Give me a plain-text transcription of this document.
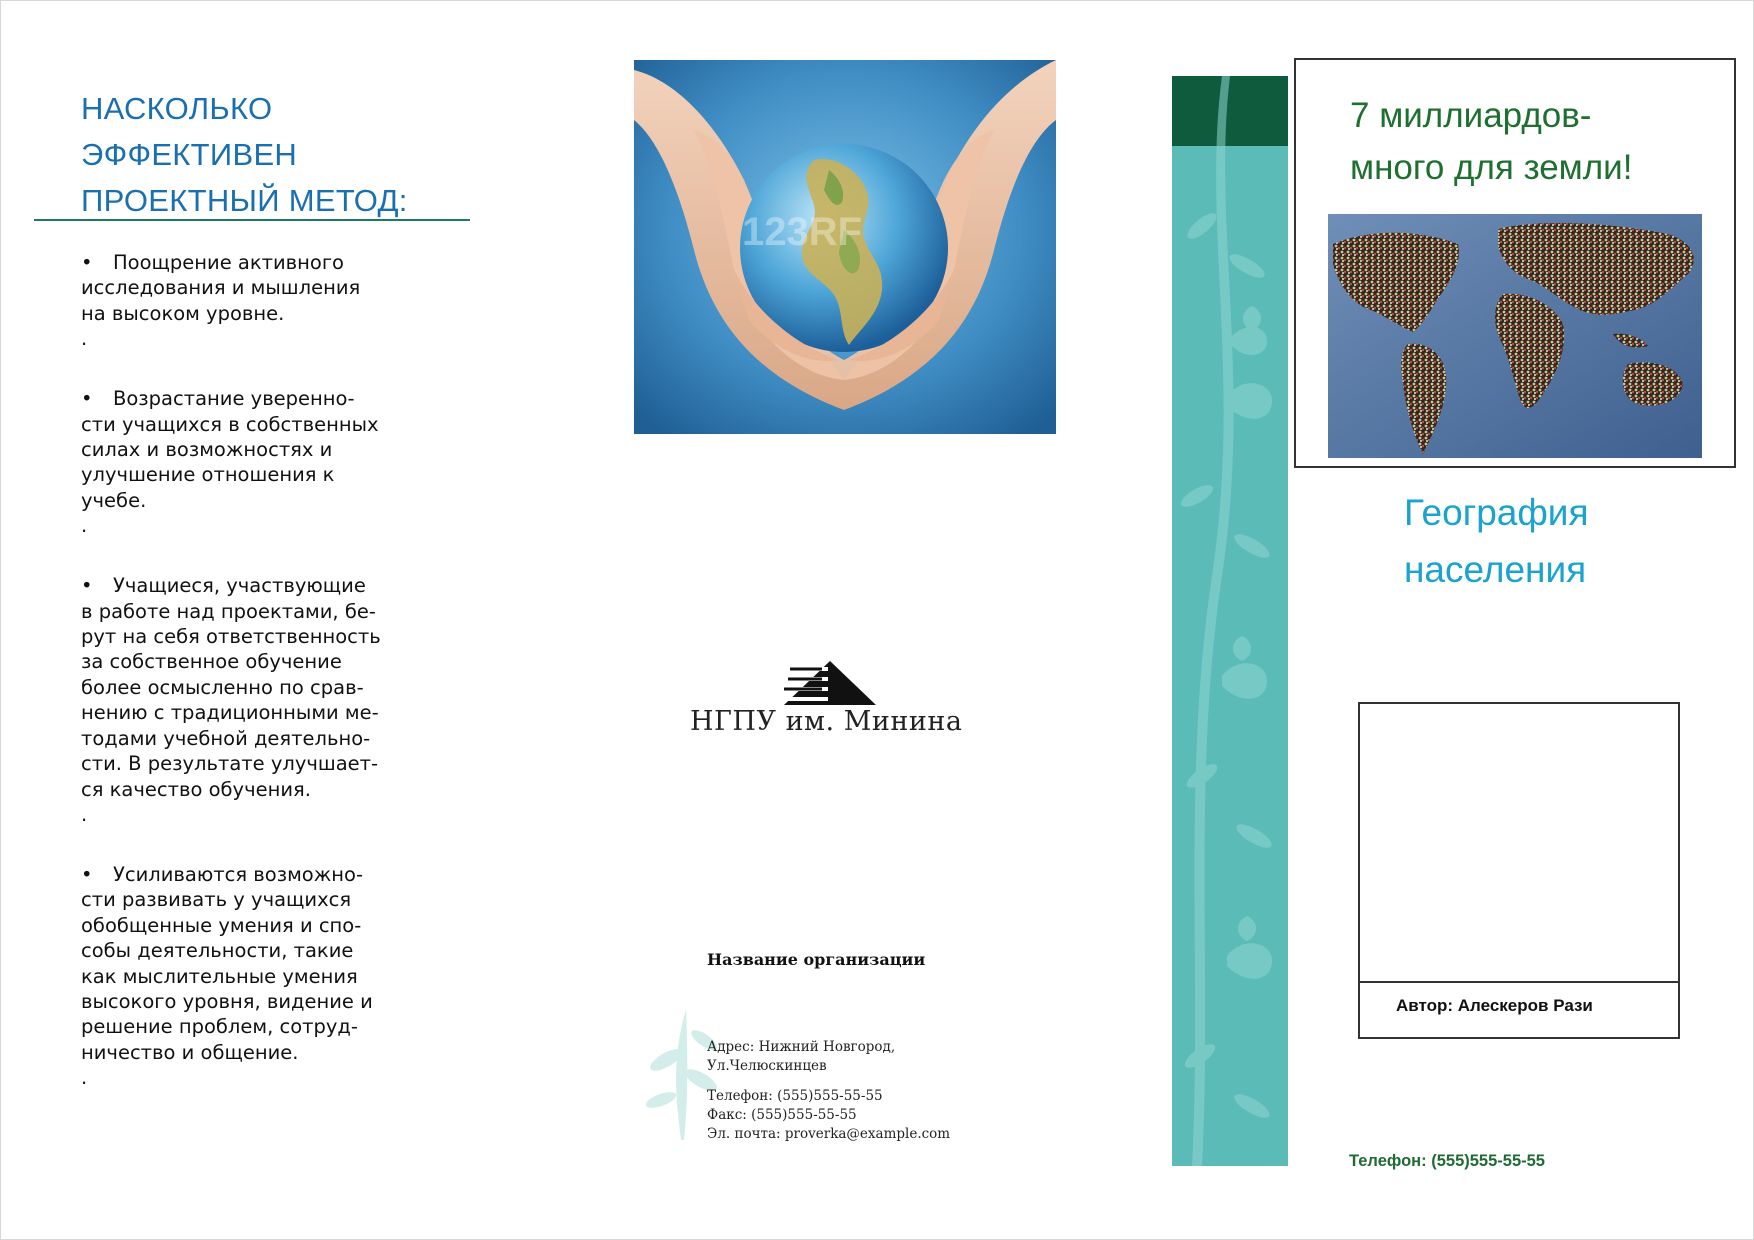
НАСКОЛЬКО
ЭФФЕКТИВЕН
ПРОЕКТНЫЙ МЕТОД:
• Поощрение активного
исследования и мышления
на высоком уровне.
.
• Возрастание уверенно-
сти учащихся в собственных
силах и возможностях и
улучшение отношения к
учебе.
.
• Учащиеся, участвующие
в работе над проектами, бе-
рут на себя ответственность
за собственное обучение
более осмысленно по срав-
нению с традиционными ме-
тодами учебной деятельно-
сти. В результате улучшает-
ся качество обучения.
.
• Усиливаются возможно-
сти развивать у учащихся
обобщенные умения и спо-
собы деятельности, такие
как мыслительные умения
высокого уровня, видение и
решение проблем, сотруд-
ничество и общение.
.
123RF
НГПУ им. Минина
Название организации
Адрес: Нижний Новгород,
Ул.Челюскинцев
Телефон: (555)555-55-55
Факс: (555)555-55-55
Эл. почта: proverka@example.com
7 миллиардов-
много для земли!
География
населения
Автор: Алескеров Рази
Телефон: (555)555-55-55
